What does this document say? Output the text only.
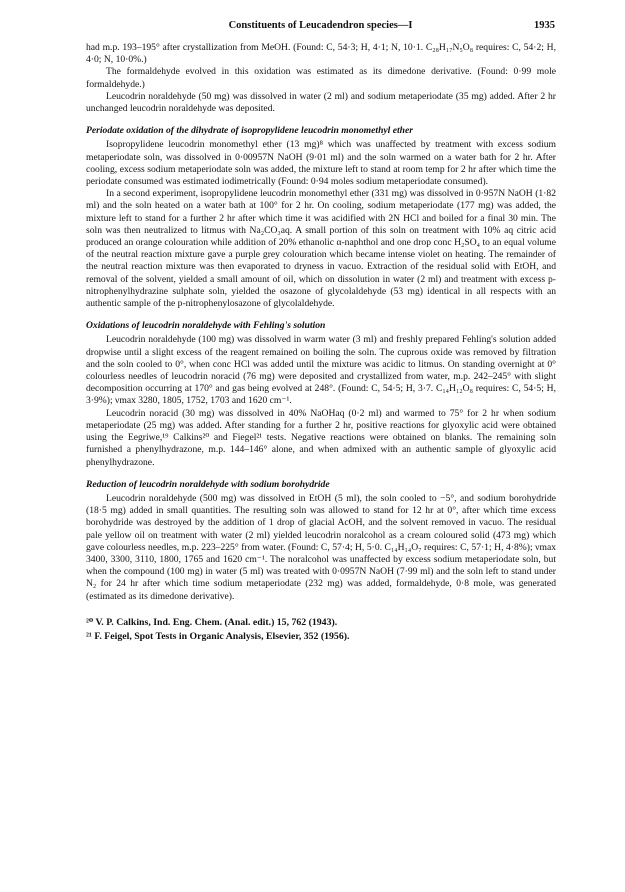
Constituents of Leucadendron species—I	1935

had m.p. 193–195° after crystallization from MeOH. (Found: C, 54·3; H, 4·1; N, 10·1. C₂₈H₁₇N₅O₈ requires: C, 54·2; H, 4·0; N, 10·0%.)

The formaldehyde evolved in this oxidation was estimated as its dimedone derivative. (Found: 0·99 mole formaldehyde.)

Leucodrin noraldehyde (50 mg) was dissolved in water (2 ml) and sodium metaperiodate (35 mg) added. After 2 hr unchanged leucodrin noraldehyde was deposited.

Periodate oxidation of the dihydrate of isopropylidene leucodrin monomethyl ether

Isopropylidene leucodrin monomethyl ether (13 mg)⁸ which was unaffected by treatment with excess sodium metaperiodate soln, was dissolved in 0·00957N NaOH (9·01 ml) and the soln warmed on a water bath for 2 hr. After cooling, excess sodium metaperiodate soln was added, the mixture left to stand at room temp for 2 hr after which time the periodate consumed was estimated iodimetrically (Found: 0·94 moles sodium metaperiodate consumed).

In a second experiment, isopropylidene leucodrin monomethyl ether (331 mg) was dissolved in 0·957N NaOH (1·82 ml) and the soln heated on a water bath at 100° for 2 hr. On cooling, sodium metaperiodate (177 mg) was added, the mixture left to stand for a further 2 hr after which time it was acidified with 2N HCl and boiled for a final 30 min. The soln was then neutralized to litmus with Na₂CO₃aq. A small portion of this soln on treatment with 10% aq citric acid produced an orange colouration while addition of 20% ethanolic α-naphthol and one drop conc H₂SO₄ to an equal volume of the neutral reaction mixture gave a purple grey colouration which became intense violet on heating. The remainder of the neutral reaction mixture was then evaporated to dryness in vacuo. Extraction of the residual solid with EtOH, and removal of the solvent, yielded a small amount of oil, which on dissolution in water (2 ml) and treatment with excess p-nitrophenylhydrazine sulphate soln, yielded the osazone of glycolaldehyde (53 mg) identical in all respects with an authentic sample of the p-nitrophenylosazone of glycolaldehyde.

Oxidations of leucodrin noraldehyde with Fehling's solution

Leucodrin noraldehyde (100 mg) was dissolved in warm water (3 ml) and freshly prepared Fehling's solution added dropwise until a slight excess of the reagent remained on boiling the soln. The cuprous oxide was removed by filtration and the soln cooled to 0°, when conc HCl was added until the mixture was acidic to litmus. On standing overnight at 0° colourless needles of leucodrin noracid (76 mg) were deposited and crystallized from water, m.p. 242–245° with slight decomposition occurring at 170° and gas being evolved at 248°. (Found: C, 54·5; H, 3·7. C₁₄H₁₂O₈ requires: C, 54·5; H, 3·9%); νmax 3280, 1805, 1752, 1703 and 1620 cm⁻¹.

Leucodrin noracid (30 mg) was dissolved in 40% NaOHaq (0·2 ml) and warmed to 75° for 2 hr when sodium metaperiodate (25 mg) was added. After standing for a further 2 hr, positive reactions for glyoxylic acid were obtained using the Eegriwe,¹⁹ Calkins²⁰ and Fiegel²¹ tests. Negative reactions were obtained on blanks. The remaining soln furnished a phenylhydrazone, m.p. 144–146° alone, and when admixed with an authentic sample of glyoxylic acid phenylhydrazone.

Reduction of leucodrin noraldehyde with sodium borohydride

Leucodrin noraldehyde (500 mg) was dissolved in EtOH (5 ml), the soln cooled to −5°, and sodium borohydride (18·5 mg) added in small quantities. The resulting soln was allowed to stand for 12 hr at 0°, after which time excess borohydride was destroyed by the addition of 1 drop of glacial AcOH, and the solvent removed in vacuo. The residual pale yellow oil on treatment with water (2 ml) yielded leucodrin noralcohol as a cream coloured solid (473 mg) which gave colourless needles, m.p. 223–225° from water. (Found: C, 57·4; H, 5·0. C₁₄H₁₄O₇ requires: C, 57·1; H, 4·8%); νmax 3400, 3300, 3110, 1800, 1765 and 1620 cm⁻¹. The noralcohol was unaffected by excess sodium metaperiodate soln, but when the compound (100 mg) in water (5 ml) was treated with 0·0957N NaOH (7·99 ml) and the soln left to stand under N₂ for 24 hr after which time sodium metaperiodate (232 mg) was added, formaldehyde, 0·8 mole, was generated (estimated as its dimedone derivative).

²⁰ V. P. Calkins, Ind. Eng. Chem. (Anal. edit.) 15, 762 (1943).

²¹ F. Feigel, Spot Tests in Organic Analysis, Elsevier, 352 (1956).
